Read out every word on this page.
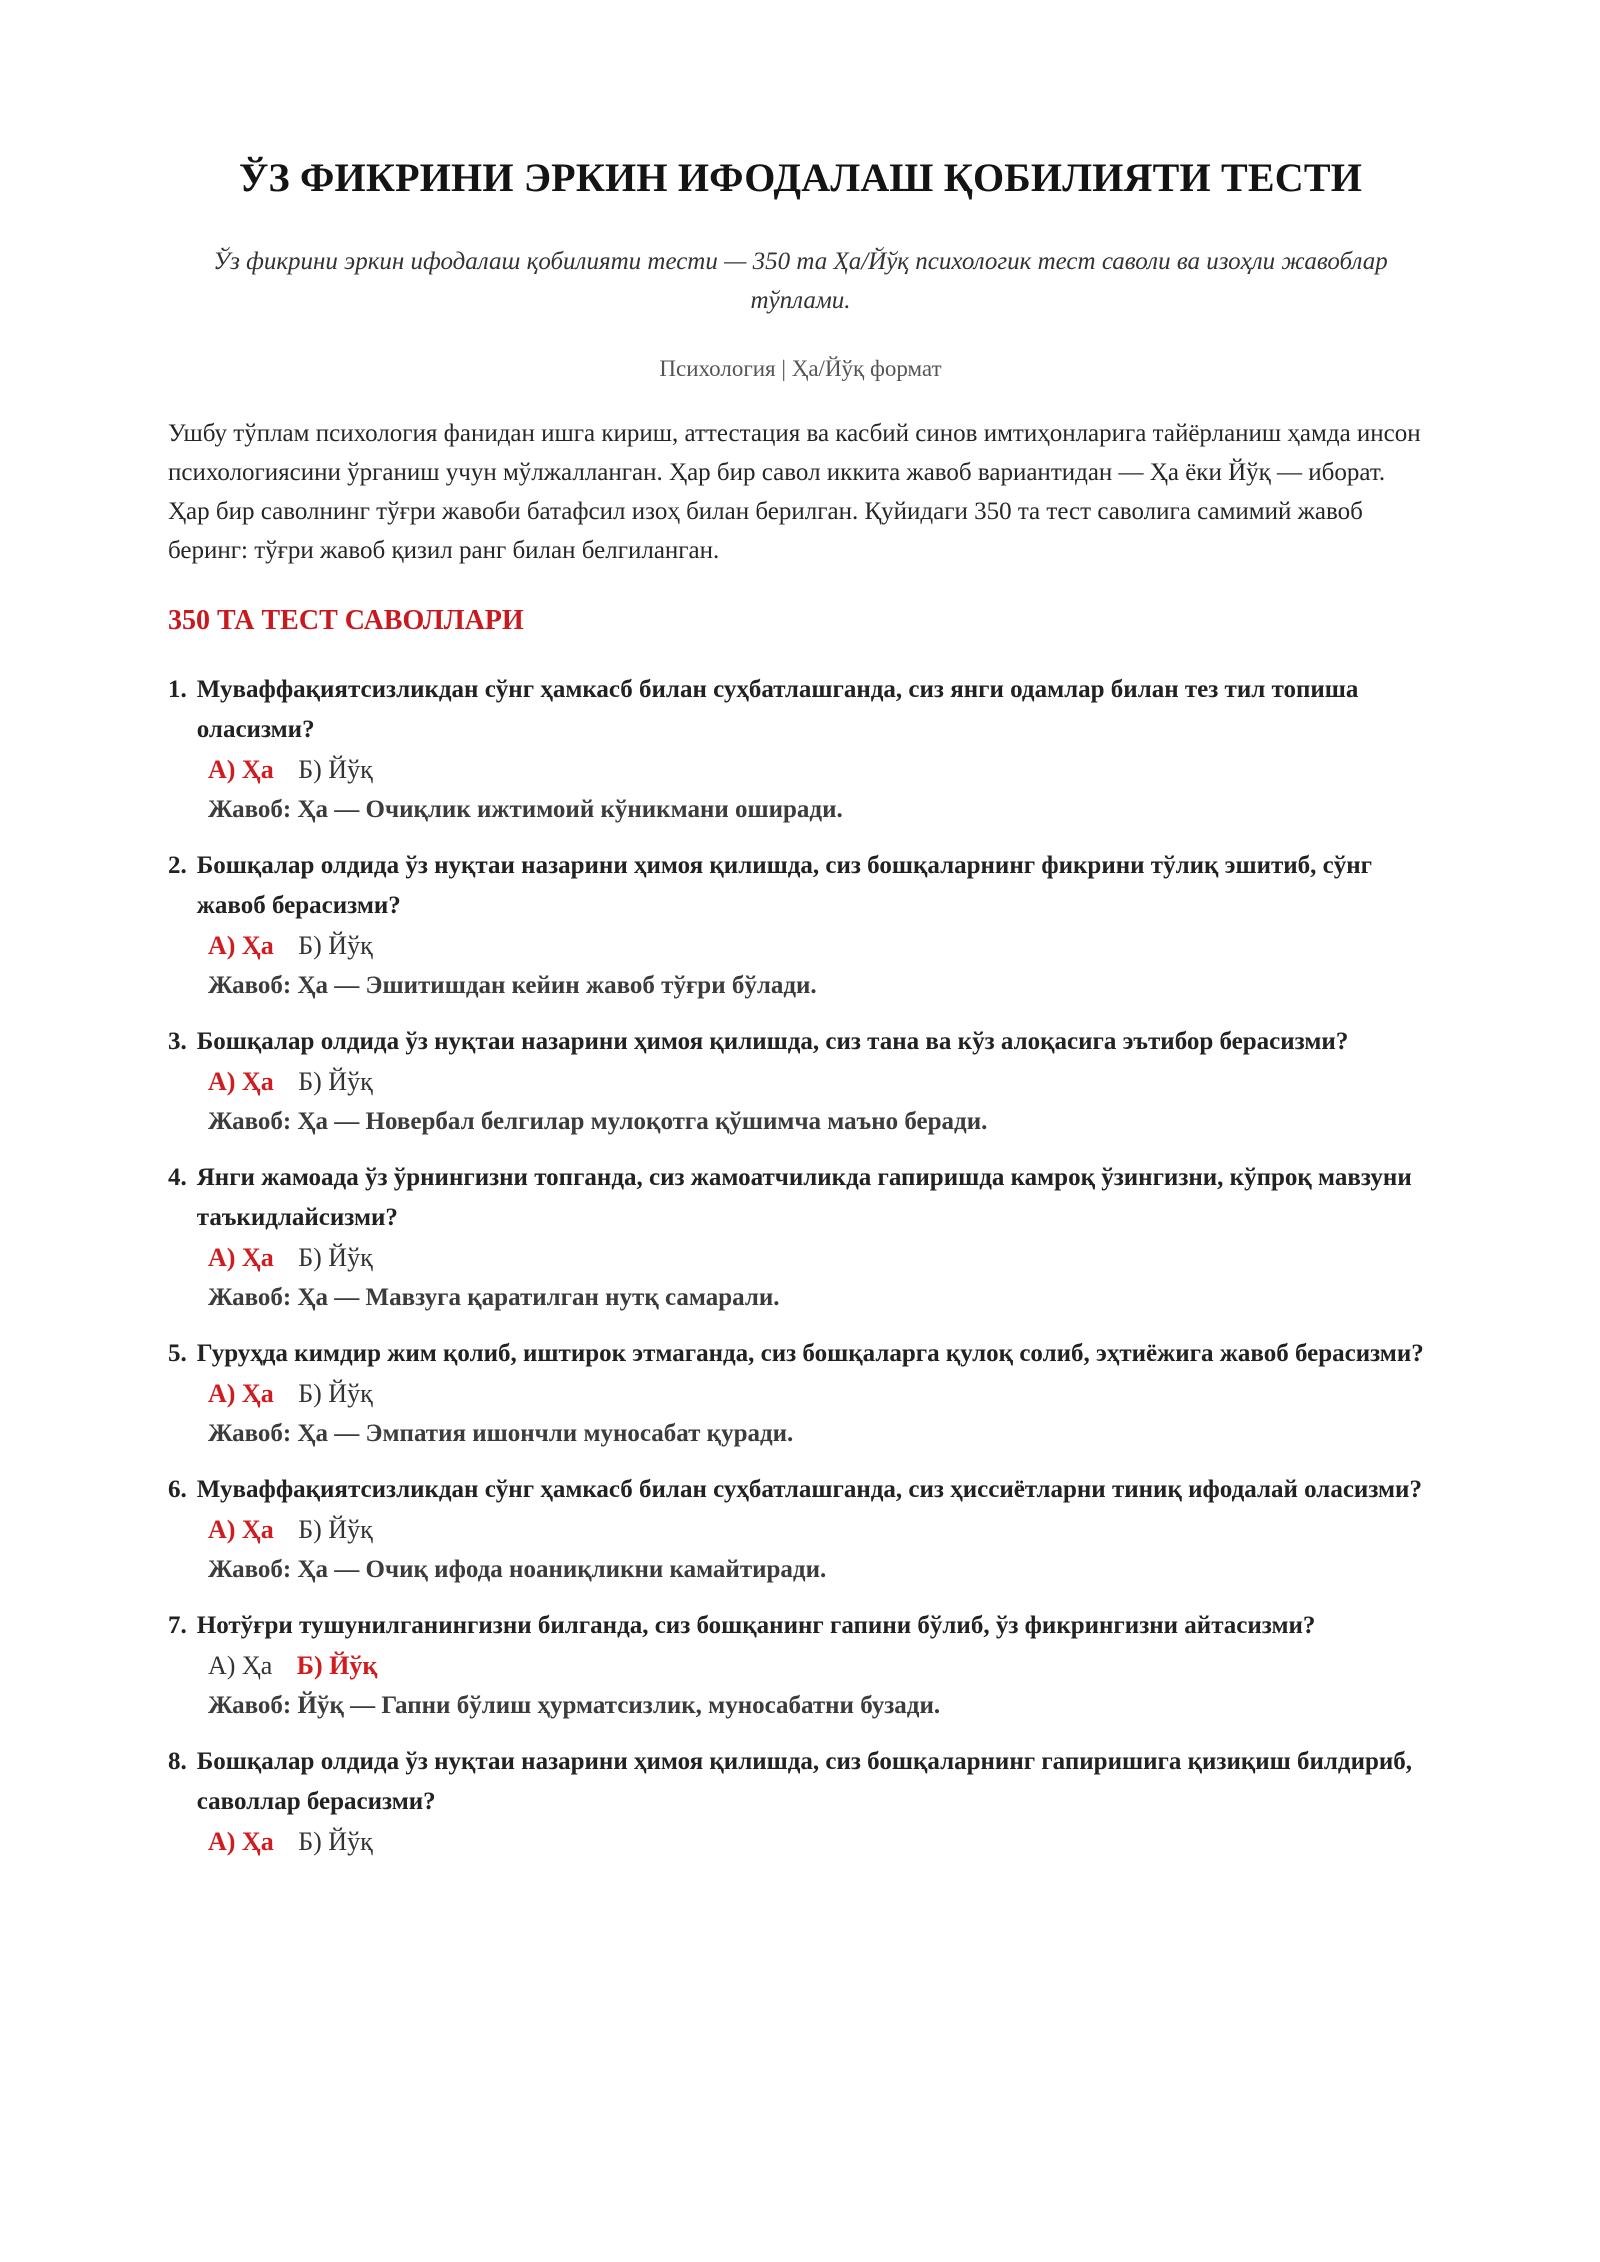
ЎЗ ФИКРИНИ ЭРКИН ИФОДАЛАШ ҚОБИЛИЯТИ ТЕСТИ
Ўз фикрини эркин ифодалаш қобилияти тести — 350 та Ҳа/Йўқ психологик тест саволи ва изоҳли жавоблар тўплами.
Психология | Ҳа/Йўқ формат
Ушбу тўплам психология фанидан ишга кириш, аттестация ва касбий синов имтиҳонларига тайёрланиш ҳамда инсон психологиясини ўрганиш учун мўлжалланган. Ҳар бир савол иккита жавоб вариантидан — Ҳа ёки Йўқ — иборат. Ҳар бир саволнинг тўғри жавоби батафсил изоҳ билан берилган. Қуйидаги 350 та тест саволига самимий жавоб беринг: тўғри жавоб қизил ранг билан белгиланган.
350 ТА ТЕСТ САВОЛЛАРИ
1. Муваффақиятсизликдан сўнг ҳамкасб билан суҳбатлашганда, сиз янги одамлар билан тез тил топиша оласизми?
А) Ҳа Б) Йўқ
Жавоб: Ҳа — Очиқлик ижтимоий кўникмани оширади.
2. Бошқалар олдида ўз нуқтаи назарини ҳимоя қилишда, сиз бошқаларнинг фикрини тўлиқ эшитиб, сўнг жавоб берасизми?
А) Ҳа Б) Йўқ
Жавоб: Ҳа — Эшитишдан кейин жавоб тўғри бўлади.
3. Бошқалар олдида ўз нуқтаи назарини ҳимоя қилишда, сиз тана ва кўз алоқасига эътибор берасизми?
А) Ҳа Б) Йўқ
Жавоб: Ҳа — Новербал белгилар мулоқотга қўшимча маъно беради.
4. Янги жамоада ўз ўрнингизни топганда, сиз жамоатчиликда гапиришда камроқ ўзингизни, кўпроқ мавзуни таъкидлайсизми?
А) Ҳа Б) Йўқ
Жавоб: Ҳа — Мавзуга қаратилган нутқ самарали.
5. Гуруҳда кимдир жим қолиб, иштирок этмаганда, сиз бошқаларга қулоқ солиб, эҳтиёжига жавоб берасизми?
А) Ҳа Б) Йўқ
Жавоб: Ҳа — Эмпатия ишончли муносабат қуради.
6. Муваффақиятсизликдан сўнг ҳамкасб билан суҳбатлашганда, сиз ҳиссиётларни тиниқ ифодалай оласизми?
А) Ҳа Б) Йўқ
Жавоб: Ҳа — Очиқ ифода ноаниқликни камайтиради.
7. Нотўғри тушунилганингизни билганда, сиз бошқанинг гапини бўлиб, ўз фикрингизни айтасизми?
А) Ҳа Б) Йўқ
Жавоб: Йўқ — Гапни бўлиш ҳурматсизлик, муносабатни бузади.
8. Бошқалар олдида ўз нуқтаи назарини ҳимоя қилишда, сиз бошқаларнинг гапиришига қизиқиш билдириб, саволлар берасизми?
А) Ҳа Б) Йўқ
